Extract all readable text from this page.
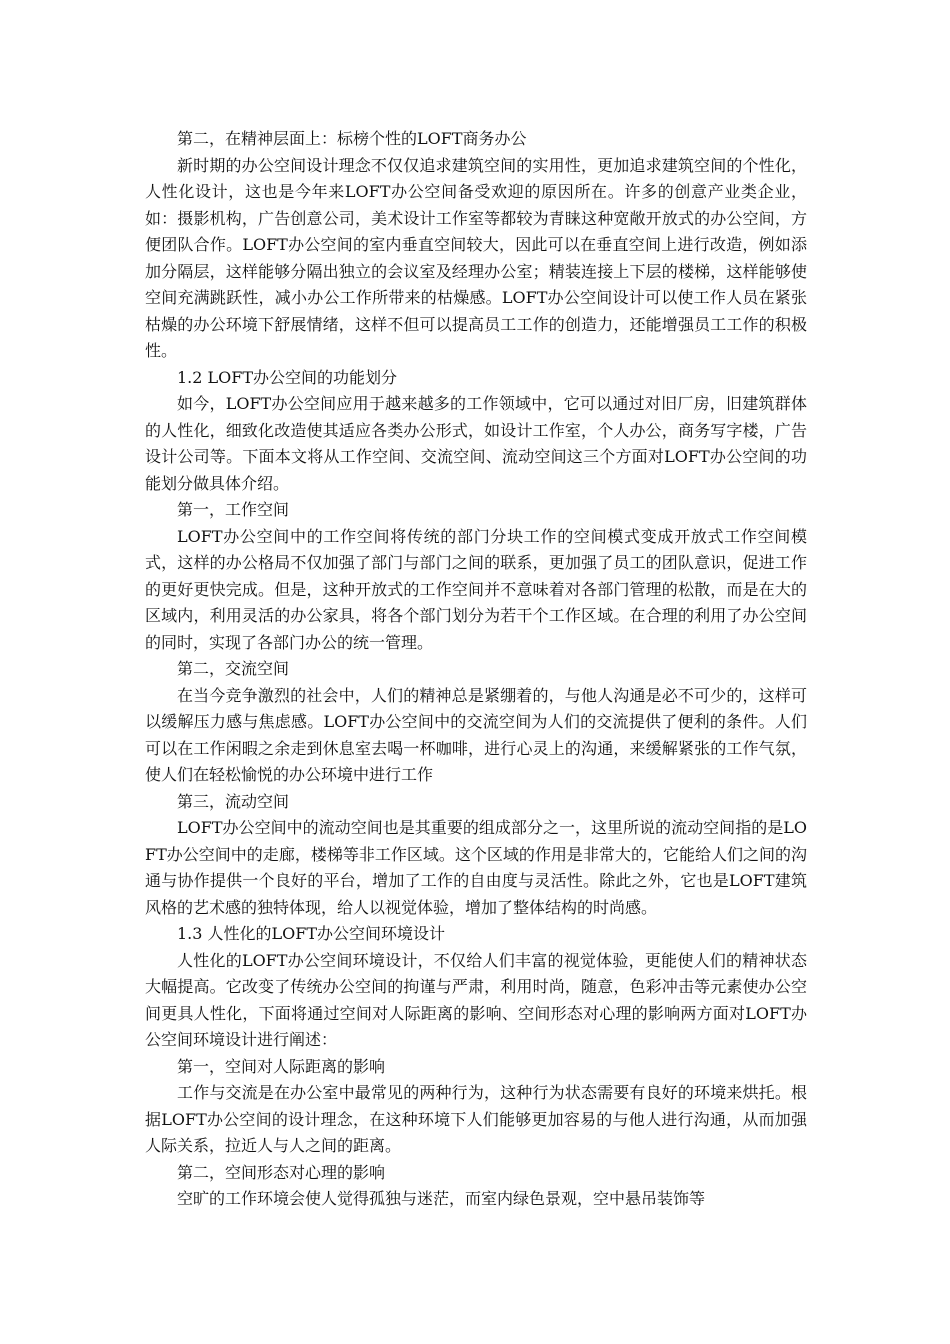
第二，在精神层面上：标榜个性的LOFT商务办公

新时期的办公空间设计理念不仅仅追求建筑空间的实用性，更加追求建筑空间的个性化，人性化设计，这也是今年来LOFT办公空间备受欢迎的原因所在。许多的创意产业类企业，如：摄影机构，广告创意公司，美术设计工作室等都较为青睐这种宽敞开放式的办公空间，方便团队合作。LOFT办公空间的室内垂直空间较大，因此可以在垂直空间上进行改造，例如添加分隔层，这样能够分隔出独立的会议室及经理办公室；精装连接上下层的楼梯，这样能够使空间充满跳跃性，减小办公工作所带来的枯燥感。LOFT办公空间设计可以使工作人员在紧张枯燥的办公环境下舒展情绪，这样不但可以提高员工工作的创造力，还能增强员工工作的积极性。

1.2 LOFT办公空间的功能划分

如今，LOFT办公空间应用于越来越多的工作领域中，它可以通过对旧厂房，旧建筑群体的人性化，细致化改造使其适应各类办公形式，如设计工作室，个人办公，商务写字楼，广告设计公司等。下面本文将从工作空间、交流空间、流动空间这三个方面对LOFT办公空间的功能划分做具体介绍。

第一，工作空间

LOFT办公空间中的工作空间将传统的部门分块工作的空间模式变成开放式工作空间模式，这样的办公格局不仅加强了部门与部门之间的联系，更加强了员工的团队意识，促进工作的更好更快完成。但是，这种开放式的工作空间并不意味着对各部门管理的松散，而是在大的区域内，利用灵活的办公家具，将各个部门划分为若干个工作区域。在合理的利用了办公空间的同时，实现了各部门办公的统一管理。

第二，交流空间

在当今竞争激烈的社会中，人们的精神总是紧绷着的，与他人沟通是必不可少的，这样可以缓解压力感与焦虑感。LOFT办公空间中的交流空间为人们的交流提供了便利的条件。人们可以在工作闲暇之余走到休息室去喝一杯咖啡，进行心灵上的沟通，来缓解紧张的工作气氛，使人们在轻松愉悦的办公环境中进行工作

第三，流动空间

LOFT办公空间中的流动空间也是其重要的组成部分之一，这里所说的流动空间指的是LOFT办公空间中的走廊，楼梯等非工作区域。这个区域的作用是非常大的，它能给人们之间的沟通与协作提供一个良好的平台，增加了工作的自由度与灵活性。除此之外，它也是LOFT建筑风格的艺术感的独特体现，给人以视觉体验，增加了整体结构的时尚感。

1.3 人性化的LOFT办公空间环境设计

人性化的LOFT办公空间环境设计，不仅给人们丰富的视觉体验，更能使人们的精神状态大幅提高。它改变了传统办公空间的拘谨与严肃，利用时尚，随意，色彩冲击等元素使办公空间更具人性化，下面将通过空间对人际距离的影响、空间形态对心理的影响两方面对LOFT办公空间环境设计进行阐述：

第一，空间对人际距离的影响

工作与交流是在办公室中最常见的两种行为，这种行为状态需要有良好的环境来烘托。根据LOFT办公空间的设计理念，在这种环境下人们能够更加容易的与他人进行沟通，从而加强人际关系，拉近人与人之间的距离。

第二，空间形态对心理的影响

空旷的工作环境会使人觉得孤独与迷茫，而室内绿色景观，空中悬吊装饰等
